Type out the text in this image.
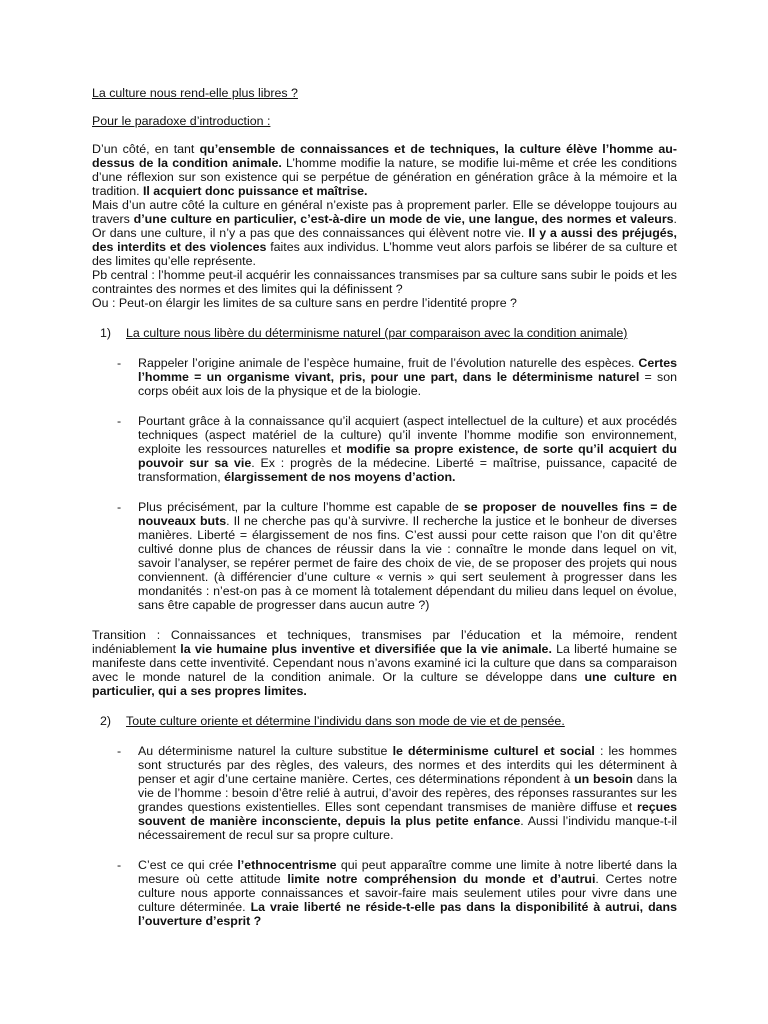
La culture nous rend-elle plus libres ?
Pour le paradoxe d’introduction :
D’un côté, en tant qu’ensemble de connaissances et de techniques, la culture élève l’homme au-dessus de la condition animale. L’homme modifie la nature, se modifie lui-même et crée les conditions d’une réflexion sur son existence qui se perpétue de génération en génération grâce à la mémoire et la tradition. Il acquiert donc puissance et maîtrise.
Mais d’un autre côté la culture en général n’existe pas à proprement parler. Elle se développe toujours au travers d’une culture en particulier, c’est-à-dire un mode de vie, une langue, des normes et valeurs. Or dans une culture, il n’y a pas que des connaissances qui élèvent notre vie. Il y a aussi des préjugés, des interdits et des violences faites aux individus. L’homme veut alors parfois se libérer de sa culture et des limites qu’elle représente.
Pb central : l’homme peut-il acquérir les connaissances transmises par sa culture sans subir le poids et les contraintes des normes et des limites qui la définissent ?
Ou : Peut-on élargir les limites de sa culture sans en perdre l’identité propre ?
1)	La culture nous libère du déterminisme naturel (par comparaison avec la condition animale)
-	Rappeler l’origine animale de l’espèce humaine, fruit de l’évolution naturelle des espèces. Certes l’homme = un organisme vivant, pris, pour une part, dans le déterminisme naturel = son corps obéit aux lois de la physique et de la biologie.
-	Pourtant grâce à la connaissance qu’il acquiert (aspect intellectuel de la culture) et aux procédés techniques (aspect matériel de la culture) qu’il invente l’homme modifie son environnement, exploite les ressources naturelles et modifie sa propre existence, de sorte qu’il acquiert du pouvoir sur sa vie. Ex : progrès de la médecine. Liberté = maîtrise, puissance, capacité de transformation, élargissement de nos moyens d’action.
-	Plus précisément, par la culture l’homme est capable de se proposer de nouvelles fins = de nouveaux buts. Il ne cherche pas qu’à survivre. Il recherche la justice et le bonheur de diverses manières. Liberté = élargissement de nos fins. C’est aussi pour cette raison que l’on dit qu’être cultivé donne plus de chances de réussir dans la vie : connaître le monde dans lequel on vit, savoir l’analyser, se repérer permet de faire des choix de vie, de se proposer des projets qui nous conviennent. (à différencier d’une culture « vernis » qui sert seulement à progresser dans les mondanités : n’est-on pas à ce moment là totalement dépendant du milieu dans lequel on évolue, sans être capable de progresser dans aucun autre ?)
Transition : Connaissances et techniques, transmises par l’éducation et la mémoire, rendent indéniablement la vie humaine plus inventive et diversifiée que la vie animale. La liberté humaine se manifeste dans cette inventivité. Cependant nous n’avons examiné ici la culture que dans sa comparaison avec le monde naturel de la condition animale. Or la culture se développe dans une culture en particulier, qui a ses propres limites.
2)	Toute culture oriente et détermine l’individu dans son mode de vie et de pensée.
-	Au déterminisme naturel la culture substitue le déterminisme culturel et social : les hommes sont structurés par des règles, des valeurs, des normes et des interdits qui les déterminent à penser et agir d’une certaine manière. Certes, ces déterminations répondent à un besoin dans la vie de l’homme : besoin d’être relié à autrui, d’avoir des repères, des réponses rassurantes sur les grandes questions existentielles. Elles sont cependant transmises de manière diffuse et reçues souvent de manière inconsciente, depuis la plus petite enfance. Aussi l’individu manque-t-il nécessairement de recul sur sa propre culture.
-	C’est ce qui crée l’ethnocentrisme qui peut apparaître comme une limite à notre liberté dans la mesure où cette attitude limite notre compréhension du monde et d’autrui. Certes notre culture nous apporte connaissances et savoir-faire mais seulement utiles pour vivre dans une culture déterminée. La vraie liberté ne réside-t-elle pas dans la disponibilité à autrui, dans l’ouverture d’esprit ?
